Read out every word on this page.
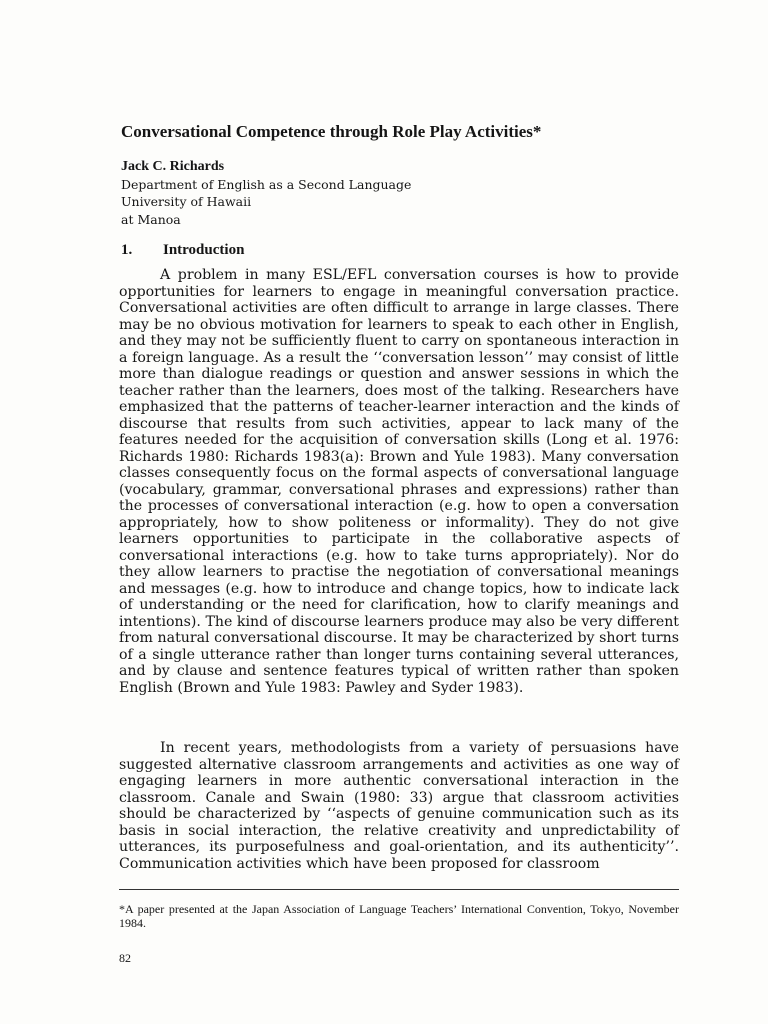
Conversational Competence through Role Play Activities*
Jack C. Richards
Department of English as a Second Language
University of Hawaii
at Manoa
1. Introduction

A problem in many ESL/EFL conversation courses is how to provide opportunities for learners to engage in meaningful conversation practice. Conversational activities are often difficult to arrange in large classes. There may be no obvious motivation for learners to speak to each other in English, and they may not be sufficiently fluent to carry on spontaneous interaction in a foreign language. As a result the ‘‘conversation lesson’’ may consist of little more than dialogue readings or question and answer sessions in which the teacher rather than the learners, does most of the talking. Researchers have emphasized that the patterns of teacher-learner interaction and the kinds of discourse that results from such activities, appear to lack many of the features needed for the acquisition of conversation skills (Long et al. 1976: Richards 1980: Richards 1983(a): Brown and Yule 1983). Many conversation classes consequently focus on the formal aspects of conversational language (vocabulary, grammar, conversational phrases and expressions) rather than the processes of conversational interaction (e.g. how to open a conversation appropriately, how to show politeness or informality). They do not give learners opportunities to participate in the collaborative aspects of conversational interactions (e.g. how to take turns appropriately). Nor do they allow learners to practise the negotiation of conversational meanings and messages (e.g. how to introduce and change topics, how to indicate lack of understanding or the need for clarification, how to clarify meanings and intentions). The kind of discourse learners produce may also be very different from natural conversational discourse. It may be characterized by short turns of a single utterance rather than longer turns containing several utterances, and by clause and sentence features typical of written rather than spoken English (Brown and Yule 1983: Pawley and Syder 1983).

In recent years, methodologists from a variety of persuasions have suggested alternative classroom arrangements and activities as one way of engaging learners in more authentic conversational interaction in the classroom. Canale and Swain (1980: 33) argue that classroom activities should be characterized by ‘‘aspects of genuine communication such as its basis in social interaction, the relative creativity and unpredictability of utterances, its purposefulness and goal-orientation, and its authenticity’’. Communication activities which have been proposed for classroom

*A paper presented at the Japan Association of Language Teachers’ International Convention, Tokyo, November 1984.
82
